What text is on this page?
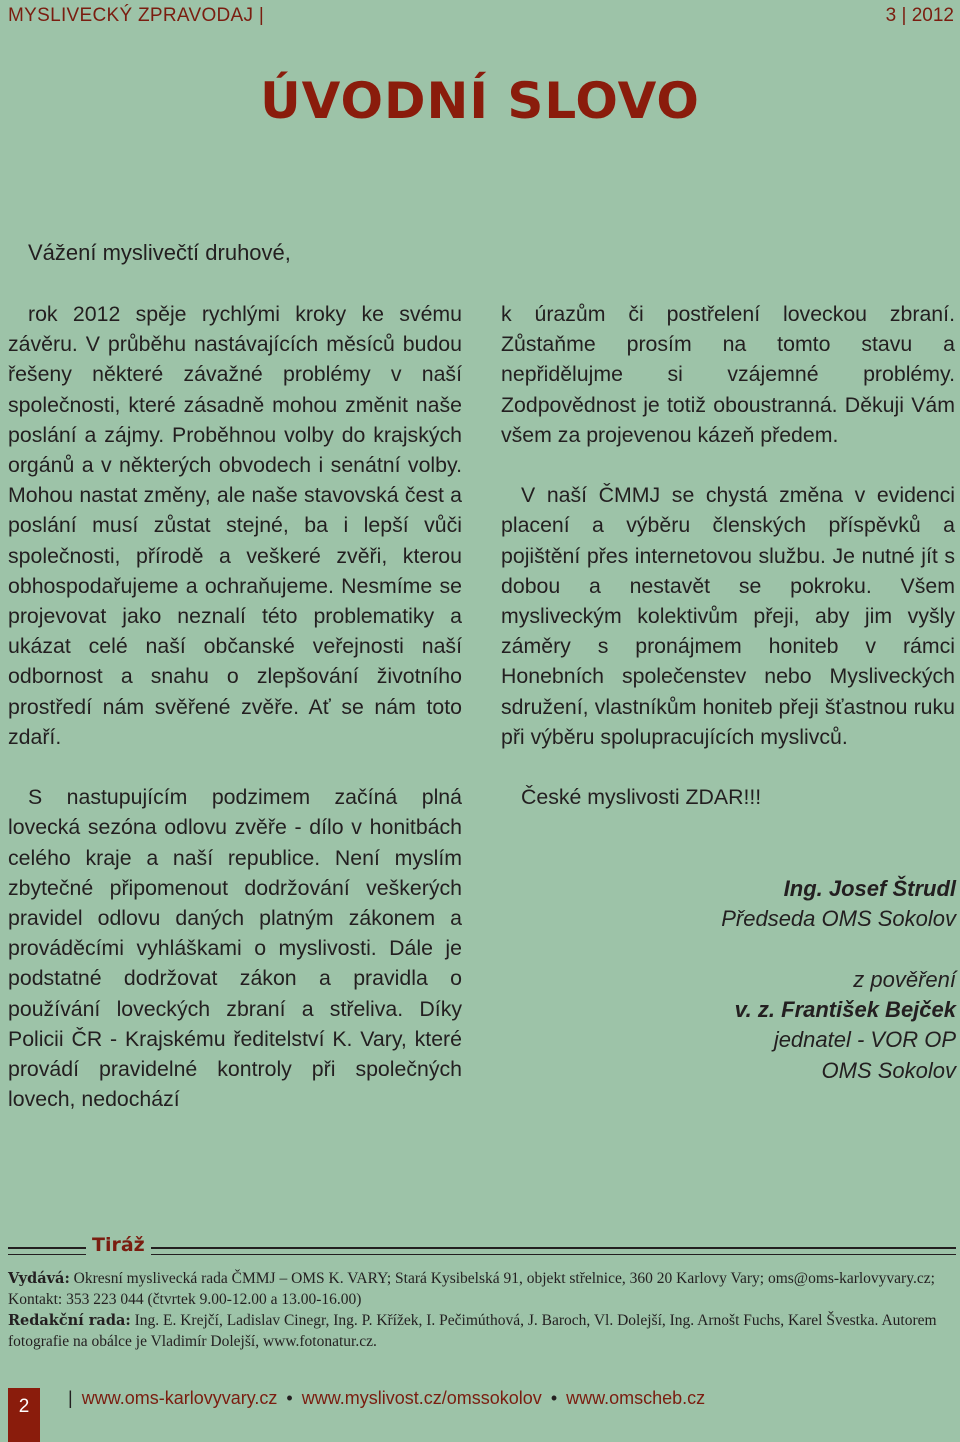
MYSLIVECKÝ ZPRAVODAJ |	3 | 2012
ÚVODNÍ SLOVO
Vážení myslivečtí druhové,

rok 2012 spěje rychlými kroky ke svému závěru. V průběhu nastávajících měsíců budou řešeny některé závažné problémy v naší společnosti, které zásadně mohou změnit naše poslání a zájmy. Proběhnou volby do krajských orgánů a v některých obvodech i senátní volby. Mohou nastat změny, ale naše stavovská čest a poslání musí zůstat stejné, ba i lepší vůči společnosti, přírodě a veškeré zvěři, kterou obhospodařujeme a ochraňujeme. Nesmíme se projevovat jako neznalí této problematiky a ukázat celé naší občanské veřejnosti naší odbornost a snahu o zlepšování životního prostředí nám svěřené zvěře. Ať se nám toto zdaří.

S nastupujícím podzimem začíná plná lovecká sezóna odlovu zvěře - dílo v honitbách celého kraje a naší republice. Není myslím zbytečné připomenout dodržování veškerých pravidel odlovu daných platným zákonem a prováděcími vyhláškami o myslivosti. Dále je podstatné dodržovat zákon a pravidla o používání loveckých zbraní a střeliva. Díky Policii ČR - Krajskému ředitelství K. Vary, které provádí pravidelné kontroly při společných lovech, nedochází

k úrazům či postřelení loveckou zbraní. Zůstaňme prosím na tomto stavu a nepřidělujme si vzájemné problémy. Zodpovědnost je totiž oboustranná. Děkuji Vám všem za projevenou kázeň předem.

V naší ČMMJ se chystá změna v evidenci placení a výběru členských příspěvků a pojištění přes internetovou službu. Je nutné jít s dobou a nestavět se pokroku. Všem mysliveckým kolektivům přeji, aby jim vyšly záměry s pronájmem honiteb v rámci Honebních společenstev nebo Mysliveckých sdružení, vlastníkům honiteb přeji šťastnou ruku při výběru spolupracujících myslivců.

České myslivosti ZDAR!!!

Ing. Josef Štrudl
Předseda OMS Sokolov
z pověření
v. z. František Bejček
jednatel - VOR OP
OMS Sokolov
Tiráž
Vydává: Okresní myslivecká rada ČMMJ – OMS K. VARY; Stará Kysibelská 91, objekt střelnice, 360 20 Karlovy Vary; oms@oms-karlovyvary.cz; Kontakt: 353 223 044 (čtvrtek 9.00-12.00 a 13.00-16.00)
Redakční rada: Ing. E. Krejčí, Ladislav Cinegr, Ing. P. Křížek, I. Pečimúthová, J. Baroch, Vl. Dolejší, Ing. Arnošt Fuchs, Karel Švestka. Autorem fotografie na obálce je Vladimír Dolejší, www.fotonatur.cz.
2	| www.oms-karlovyvary.cz • www.myslivost.cz/omssokolov • www.omscheb.cz
